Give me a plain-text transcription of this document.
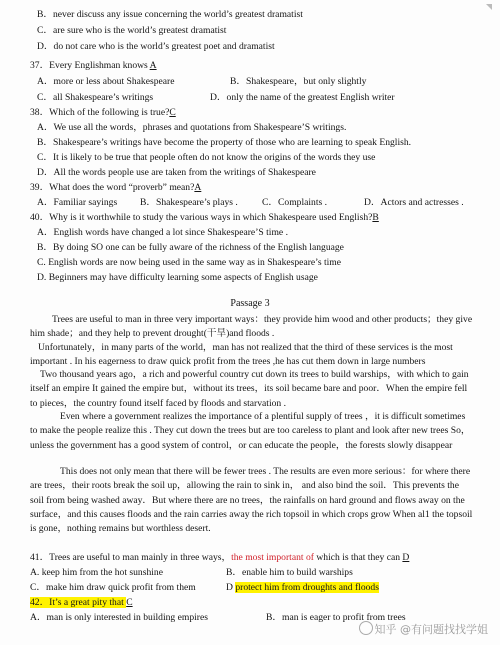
B．never discuss any issue concerning the world’s greatest dramatist
C．are sure who is the world’s greatest dramatist
D．do not care who is the world’s greatest poet and dramatist
37．Every Englishman knows A
A．more or less about Shakespeare	B．Shakespeare，but only slightly
C．all Shakespeare’s writings	D．only the name of the greatest English writer
38．Which of the following is true?C
A．We use all the words，phrases and quotations from Shakespeare’S writings.
B．Shakespeare’s writings have become the property of those who are learning to speak English.
C．It is likely to be true that people often do not know the origins of the words they use
D．All the words people use are taken from the writings of Shakespeare
39．What does the word “proverb” mean?A
A．Familiar sayings	B．Shakespeare’s plays .	C．Complaints .	D．Actors and actresses .
40．Why is it worthwhile to study the various ways in which Shakespeare used English?B
A．English words have changed a lot since Shakespeare’S time .
B．By doing SO one can be fully aware of the richness of the English language
C. English words are now being used in the same way as in Shakespeare’s time
D. Beginners may have difficulty learning some aspects of English usage
Passage 3
Trees are useful to man in three very important ways：they provide him wood and other products；they give him shade；and they help to prevent drought(干旱)and floods .
Unfortunately，in many parts of the world，man has not realized that the third of these services is the most important . In his eagerness to draw quick profit from the trees ,he has cut them down in large numbers
Two thousand years ago，a rich and powerful country cut down its trees to build warships，with which to gain itself an empire It gained the empire but，without its trees，its soil became bare and poor．When the empire fell to pieces，the country found itself faced by floods and starvation .
Even where a government realizes the importance of a plentiful supply of trees ，it is difficult sometimes to make the people realize this . They cut down the trees but are too careless to plant and look after new trees So，unless the government has a good system of control，or can educate the people，the forests slowly disappear
This does not only mean that there will be fewer trees . The results are even more serious：for where there are trees，their roots break the soil up，allowing the rain to sink in， and also bind the soil．This prevents the soil from being washed away．But where there are no trees，the rainfalls on hard ground and flows away on the surface，and this causes floods and the rain carries away the rich topsoil in which crops grow When al1 the topsoil is gone，nothing remains but worthless desert.
41．Trees are useful to man mainly in three ways，the most important of which is that they can D
A. keep him from the hot sunshine	B．enable him to build warships
C．make him draw quick profit from them	D protect him from droughts and floods
42．It’s a great pity that C
A．man is only interested in building empires	B．man is eager to profit from trees
知乎 @有问题找找学姐
